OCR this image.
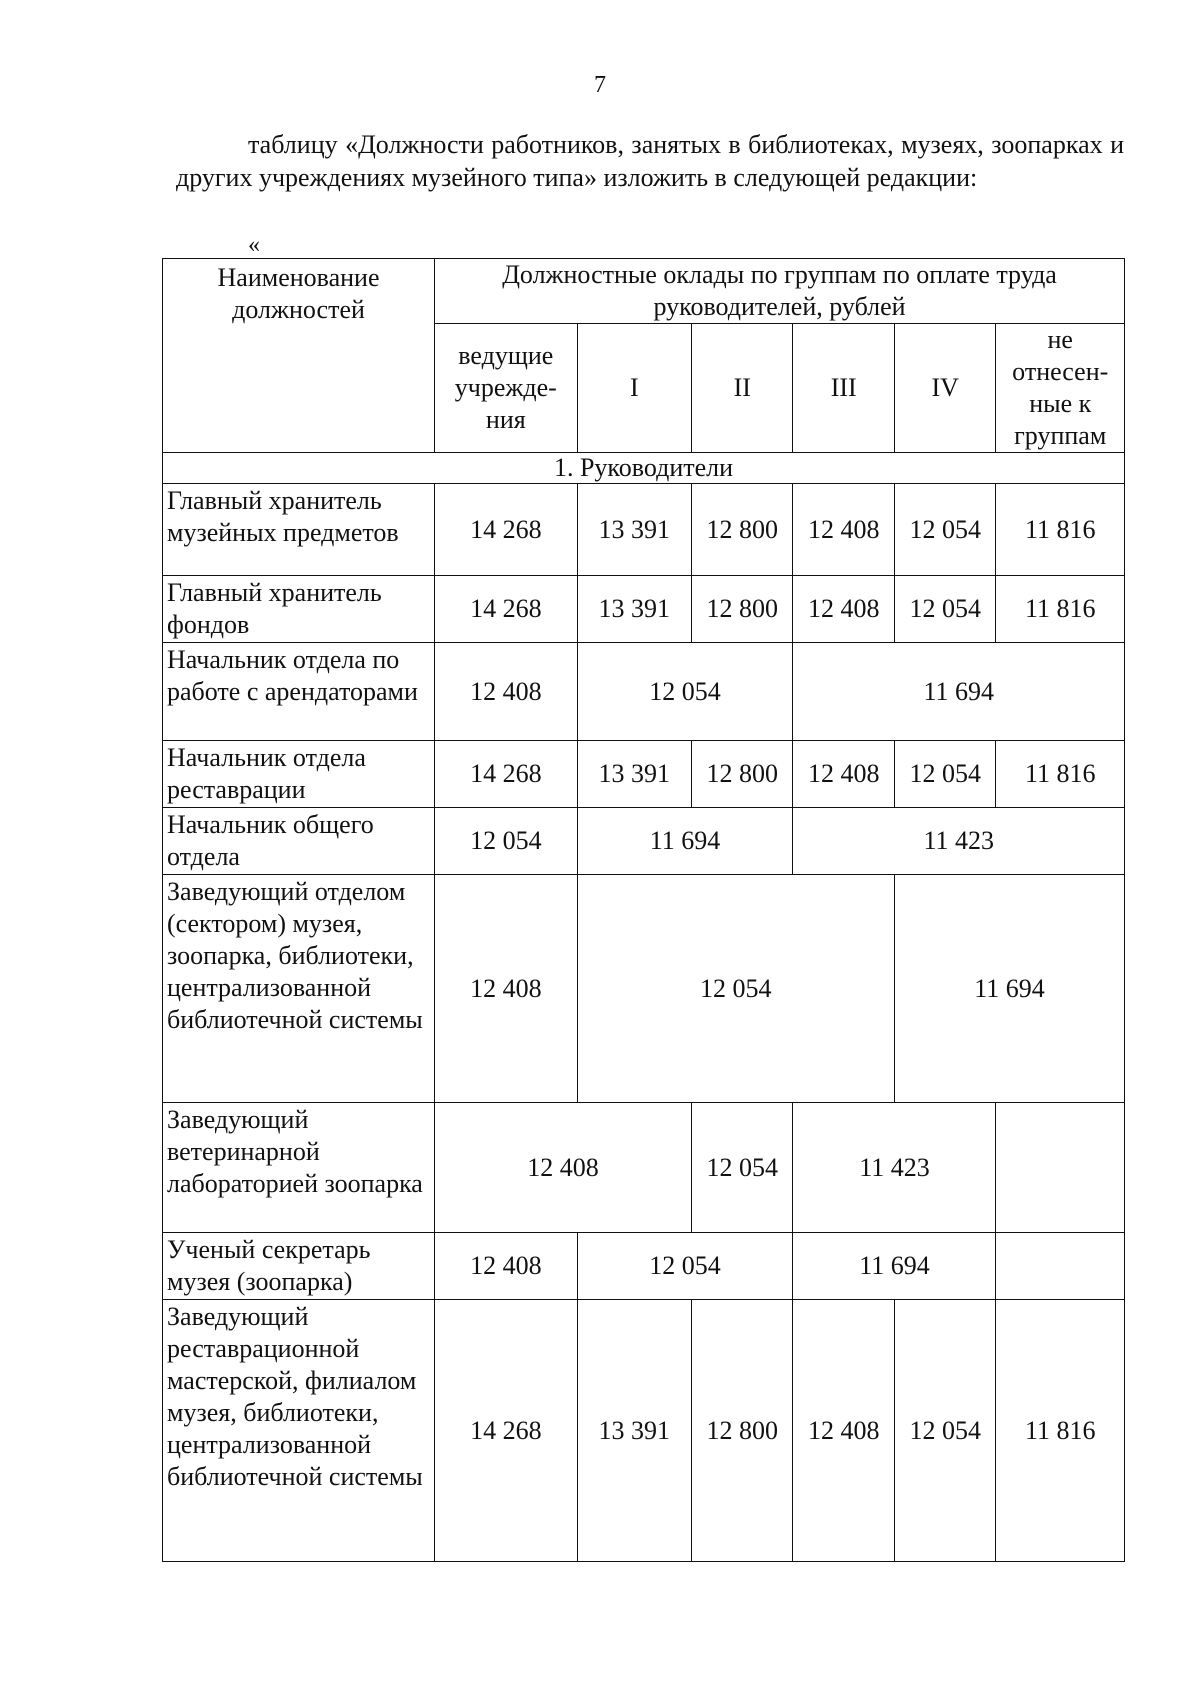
7

таблицу «Должности работников, занятых в библиотеках, музеях, зоопарках и других учреждениях музейного типа» изложить в следующей редакции:

«
Наименование должностей	Должностные оклады по группам по оплате труда руководителей, рублей					
	ведущие учрежде-ния	I	II	III	IV	не отнесен-ные к группам
1. Руководители						
Главный хранитель музейных предметов	14 268	13 391	12 800	12 408	12 054	11 816
Главный хранитель фондов	14 268	13 391	12 800	12 408	12 054	11 816
Начальник отдела по работе с арендаторами	12 408	12 054		11 694		
Начальник отдела реставрации	14 268	13 391	12 800	12 408	12 054	11 816
Начальник общего отдела	12 054	11 694		11 423		
Заведующий отделом (сектором) музея, зоопарка, библиотеки, централизованной библиотечной системы	12 408	12 054			11 694	
Заведующий ветеринарной лабораторией зоопарка	12 408		12 054	11 423		
Ученый секретарь музея (зоопарка)	12 408	12 054		11 694		
Заведующий реставрационной мастерской, филиалом музея, библиотеки, централизованной библиотечной системы	14 268	13 391	12 800	12 408	12 054	11 816
